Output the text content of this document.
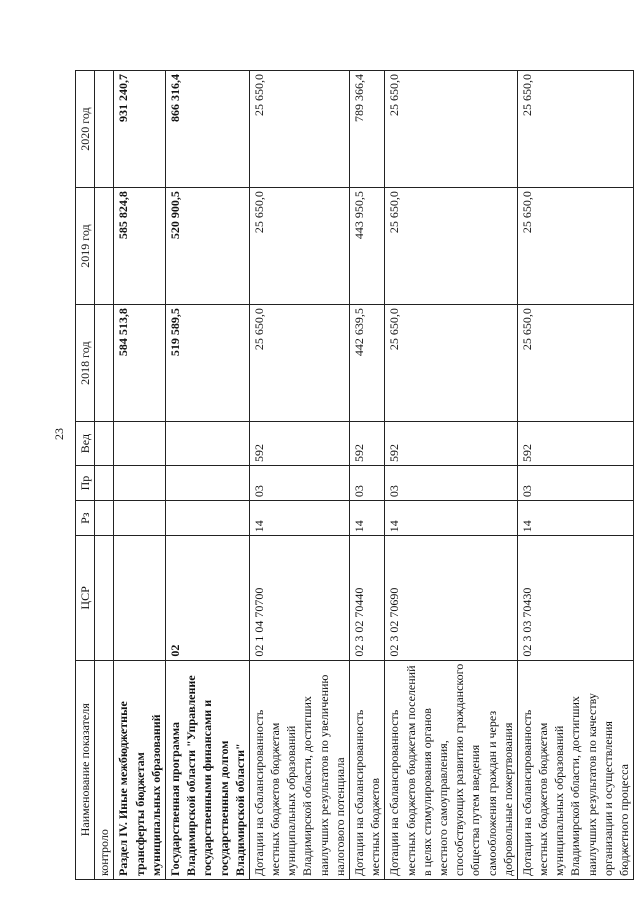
23
Наименование показателя	ЦСР	Рз	Пр	Вед	2018 год	2019 год	2020 год
контроло							
Раздел IV. Иные межбюджетные трансферты бюджетам муниципальных образований					584 513,8	585 824,8	931 240,7
Государственная программа Владимирской области "Управление государственными финансами и государственным долгом Владимирской области"	02				519 589,5	520 900,5	866 316,4
Дотации на сбалансированность местных бюджетов бюджетам муниципальных образований Владимирской области, достигших наилучших результатов по увеличению налогового потенциала	02 1 04 70700	14	03	592	25 650,0	25 650,0	25 650,0
Дотации на сбалансированность местных бюджетов	02 3 02 70440	14	03	592	442 639,5	443 950,5	789 366,4
Дотации на сбалансированность местных бюджетов бюджетам поселений в целях стимулирования органов местного самоуправления, способствующих развитию гражданского общества путем введения самообложения граждан и через добровольные пожертвования	02 3 02 70690	14	03	592	25 650,0	25 650,0	25 650,0
Дотации на сбалансированность местных бюджетов бюджетам муниципальных образований Владимирской области, достигших наилучших результатов по качеству организации и осуществления бюджетного процесса	02 3 03 70430	14	03	592	25 650,0	25 650,0	25 650,0
